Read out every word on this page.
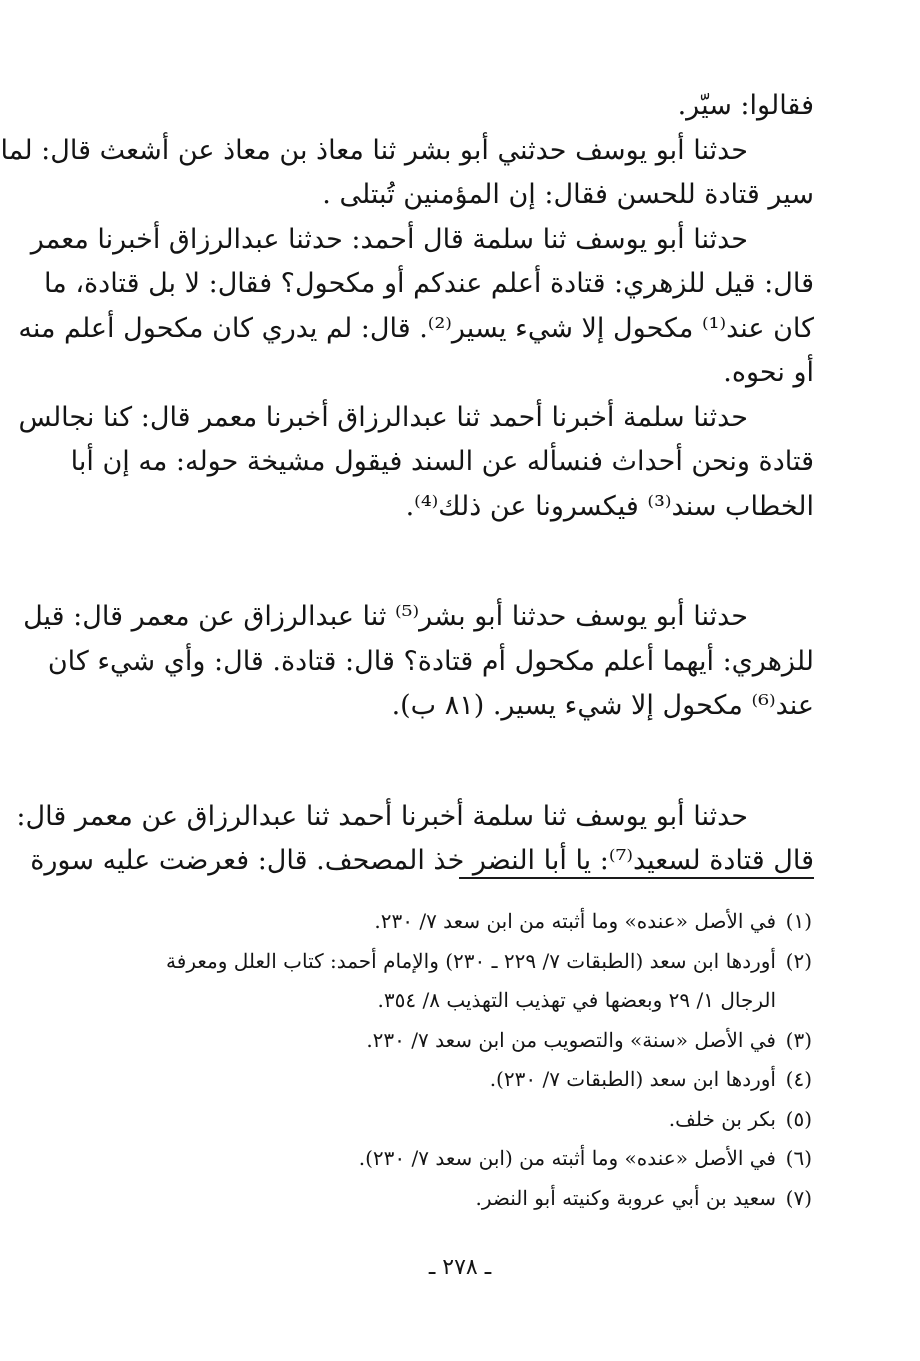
فقالوا: سيّر.
حدثنا أبو يوسف حدثني أبو بشر ثنا معاذ بن معاذ عن أشعث قال: لما
سير قتادة للحسن فقال: إن المؤمنين تُبتلى .
حدثنا أبو يوسف ثنا سلمة قال أحمد: حدثنا عبدالرزاق أخبرنا معمر
قال: قيل للزهري: قتادة أعلم عندكم أو مكحول؟ فقال: لا بل قتادة، ما
كان عند⁽¹⁾ مكحول إلا شيء يسير⁽²⁾. قال: لم يدري كان مكحول أعلم منه
أو نحوه.
حدثنا سلمة أخبرنا أحمد ثنا عبدالرزاق أخبرنا معمر قال: كنا نجالس
قتادة ونحن أحداث فنسأله عن السند فيقول مشيخة حوله: مه إن أبا
الخطاب سند⁽³⁾ فيكسرونا عن ذلك⁽⁴⁾.
حدثنا أبو يوسف حدثنا أبو بشر⁽⁵⁾ ثنا عبدالرزاق عن معمر قال: قيل
للزهري: أيهما أعلم مكحول أم قتادة؟ قال: قتادة. قال: وأي شيء كان
عند⁽⁶⁾ مكحول إلا شيء يسير. (٨١ ب).
حدثنا أبو يوسف ثنا سلمة أخبرنا أحمد ثنا عبدالرزاق عن معمر قال:
قال قتادة لسعيد⁽⁷⁾: يا أبا النضر خذ المصحف. قال: فعرضت عليه سورة
(١)في الأصل «عنده» وما أثبته من ابن سعد ٧/ ٢٣٠.
(٢)أوردها ابن سعد (الطبقات ٧/ ٢٢٩ ـ ٢٣٠) والإمام أحمد: كتاب العلل ومعرفة
الرجال ١/ ٢٩ وبعضها في تهذيب التهذيب ٨/ ٣٥٤.
(٣)في الأصل «سنة» والتصويب من ابن سعد ٧/ ٢٣٠.
(٤)أوردها ابن سعد (الطبقات ٧/ ٢٣٠).
(٥)بكر بن خلف.
(٦)في الأصل «عنده» وما أثبته من (ابن سعد ٧/ ٢٣٠).
(٧)سعيد بن أبي عروبة وكنيته أبو النضر.
ـ ٢٧٨ ـ
